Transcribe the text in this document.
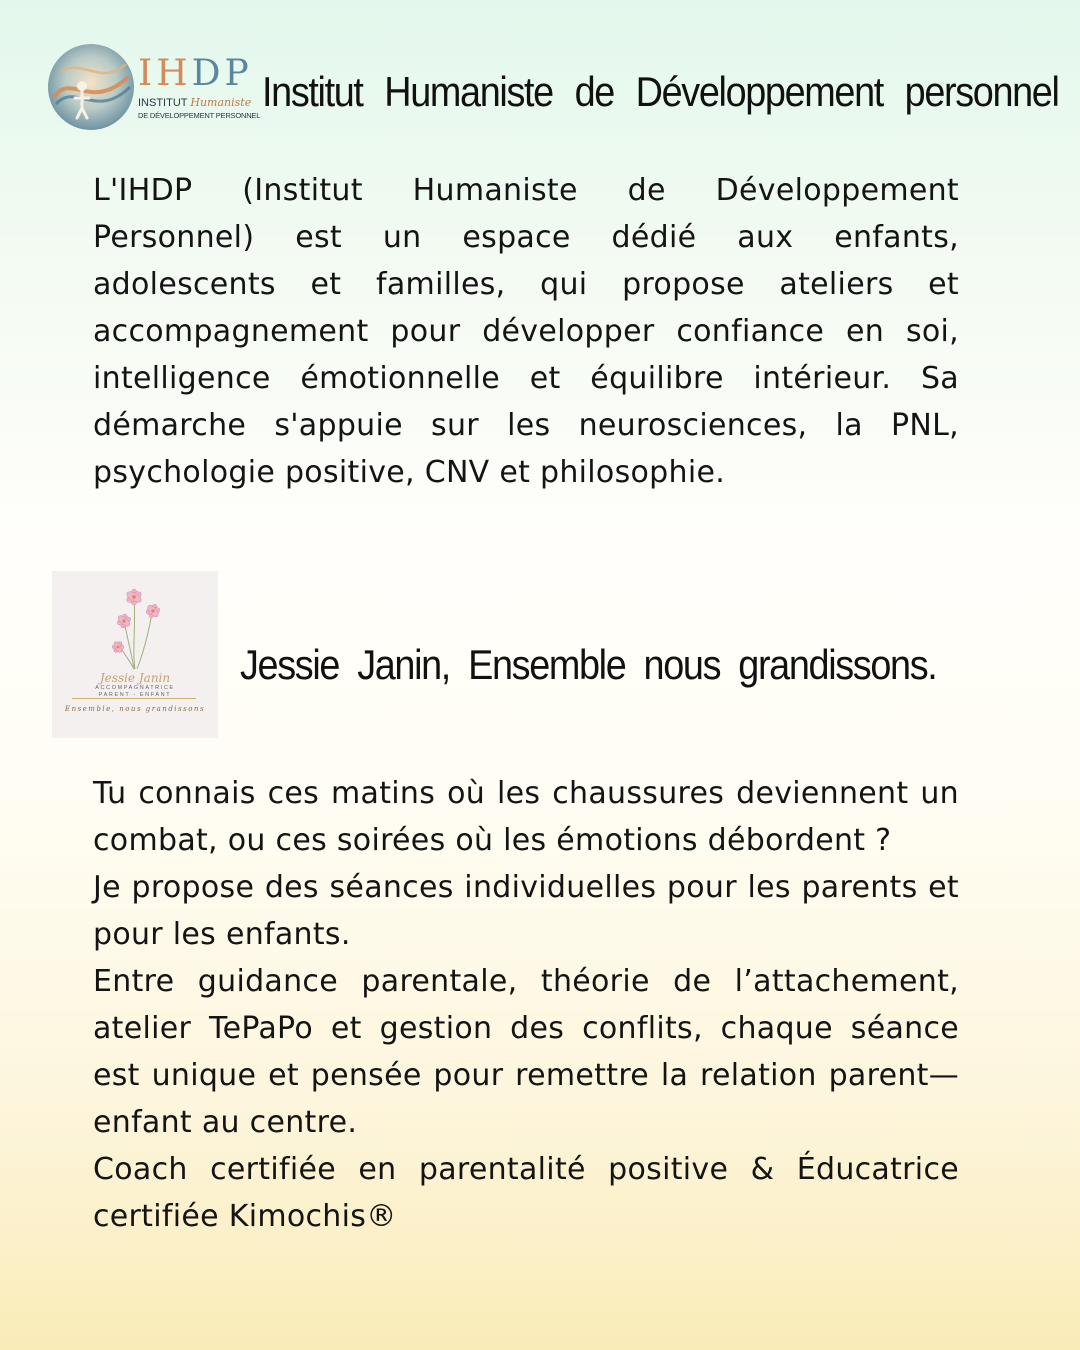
IHDP
INSTITUT Humaniste
DE DÉVELOPPEMENT PERSONNEL
Institut Humaniste de Développement personnel

L'IHDP (Institut Humaniste de Développement Personnel) est un espace dédié aux enfants, adolescents et familles, qui propose ateliers et accompagnement pour développer confiance en soi, intelligence émotionnelle et équilibre intérieur. Sa démarche s'appuie sur les neurosciences, la PNL, psychologie positive, CNV et philosophie.

Jessie Janin
ACCOMPAGNATRICE
PARENT - ENFANT
Ensemble, nous grandissons
Jessie Janin, Ensemble nous grandissons.
Tu connais ces matins où les chaussures deviennent un combat, ou ces soirées où les émotions débordent ?
Je propose des séances individuelles pour les parents et pour les enfants.
Entre guidance parentale, théorie de l’attachement, atelier TePaPo et gestion des conflits, chaque séance est unique et pensée pour remettre la relation parent—enfant au centre.
Coach certifiée en parentalité positive & Éducatrice certifiée Kimochis®
